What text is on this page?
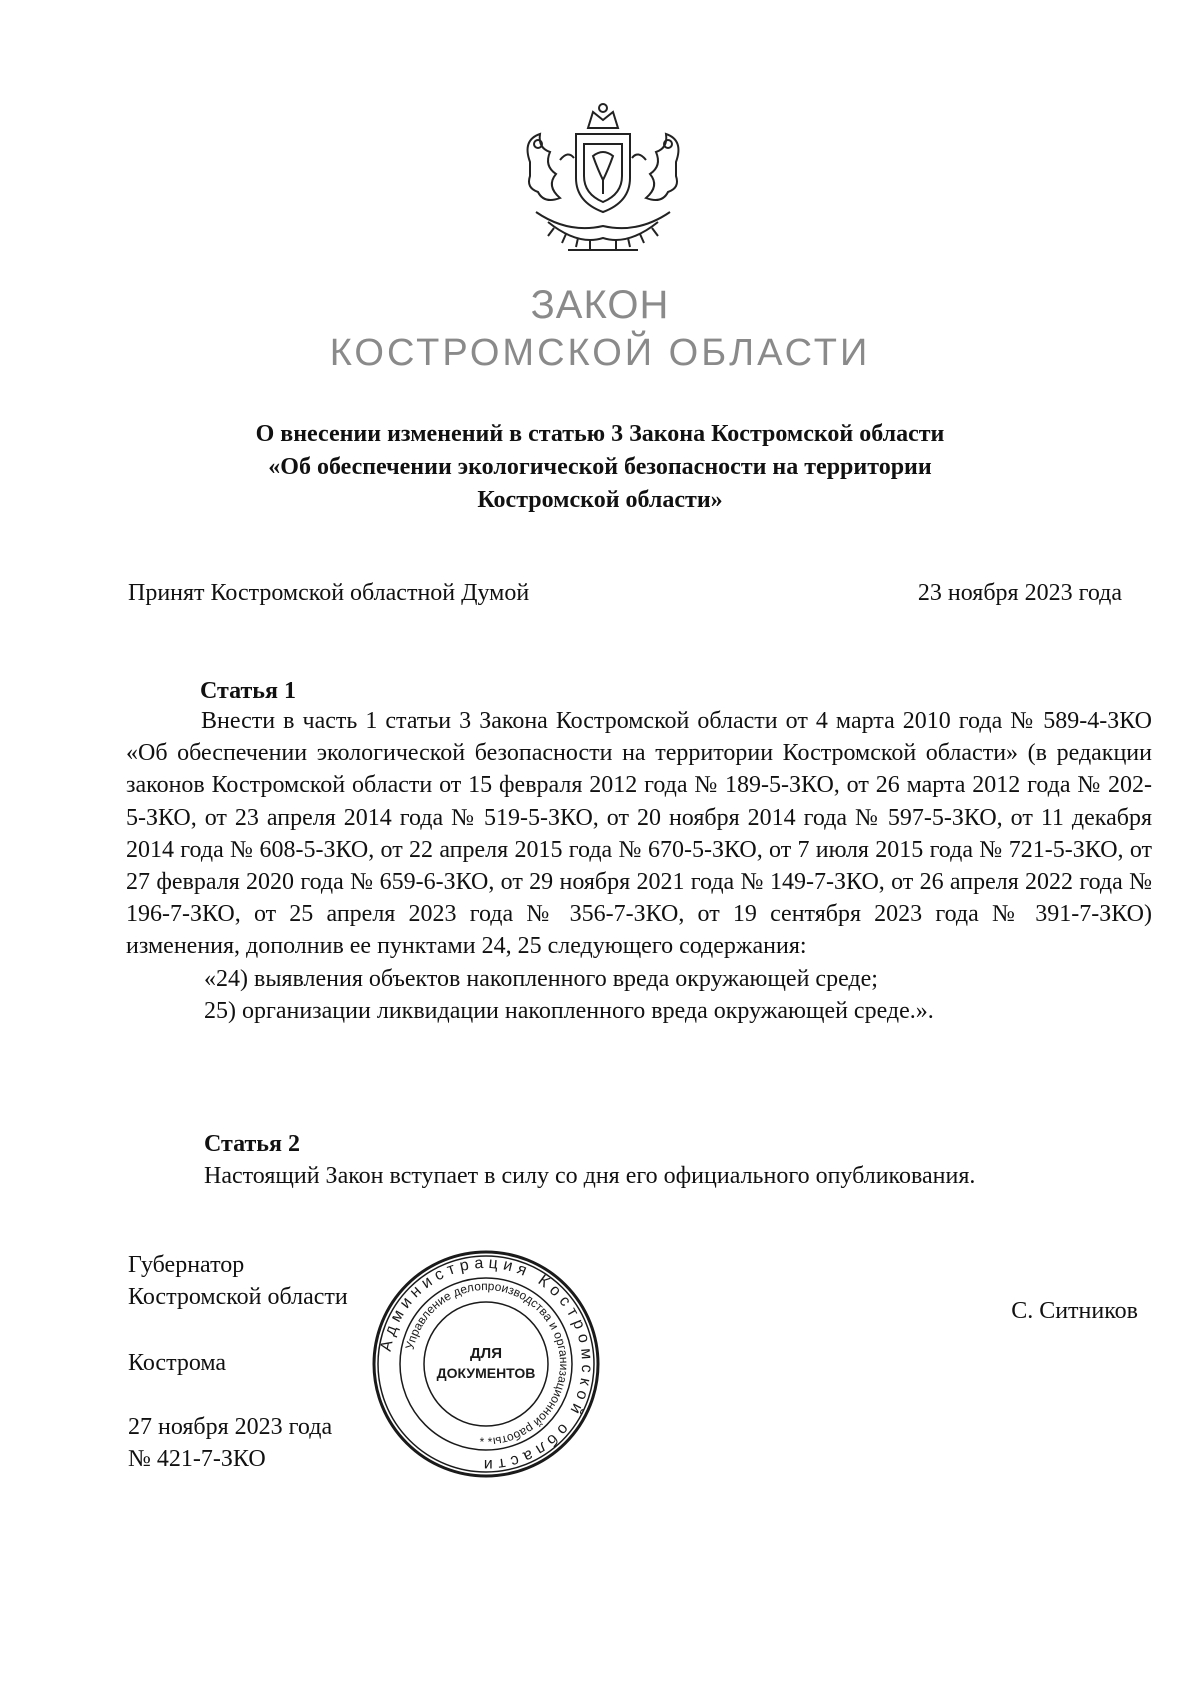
ЗАКОН
КОСТРОМСКОЙ ОБЛАСТИ
О внесении изменений в статью 3 Закона Костромской области
«Об обеспечении экологической безопасности на территории
Костромской области»
Принят Костромской областной Думой	23 ноября 2023 года
Статья 1

Внести в часть 1 статьи 3 Закона Костромской области от 4 марта 2010 года № 589-4-ЗКО «Об обеспечении экологической безопасности на территории Костромской области» (в редакции законов Костромской области от 15 февраля 2012 года № 189-5-ЗКО, от 26 марта 2012 года № 202-5-ЗКО, от 23 апреля 2014 года № 519-5-ЗКО, от 20 ноября 2014 года № 597-5-ЗКО, от 11 декабря 2014 года № 608-5-ЗКО, от 22 апреля 2015 года № 670-5-ЗКО, от 7 июля 2015 года № 721-5-ЗКО, от 27 февраля 2020 года № 659-6-ЗКО, от 29 ноября 2021 года № 149-7-ЗКО, от 26 апреля 2022 года № 196-7-ЗКО, от 25 апреля 2023 года № 356-7-ЗКО, от 19 сентября 2023 года № 391-7-ЗКО) изменения, дополнив ее пунктами 24, 25 следующего содержания:

«24) выявления объектов накопленного вреда окружающей среде;

25) организации ликвидации накопленного вреда окружающей среде.».

Статья 2
Настоящий Закон вступает в силу со дня его официального опубликования.
Губернатор
Костромской области
С. Ситников
Кострома
27 ноября 2023 года
№ 421-7-ЗКО
Администрация Костромской области
Управление делопроизводства и организационной работы
ДЛЯ
ДОКУМЕНТОВ
* *
